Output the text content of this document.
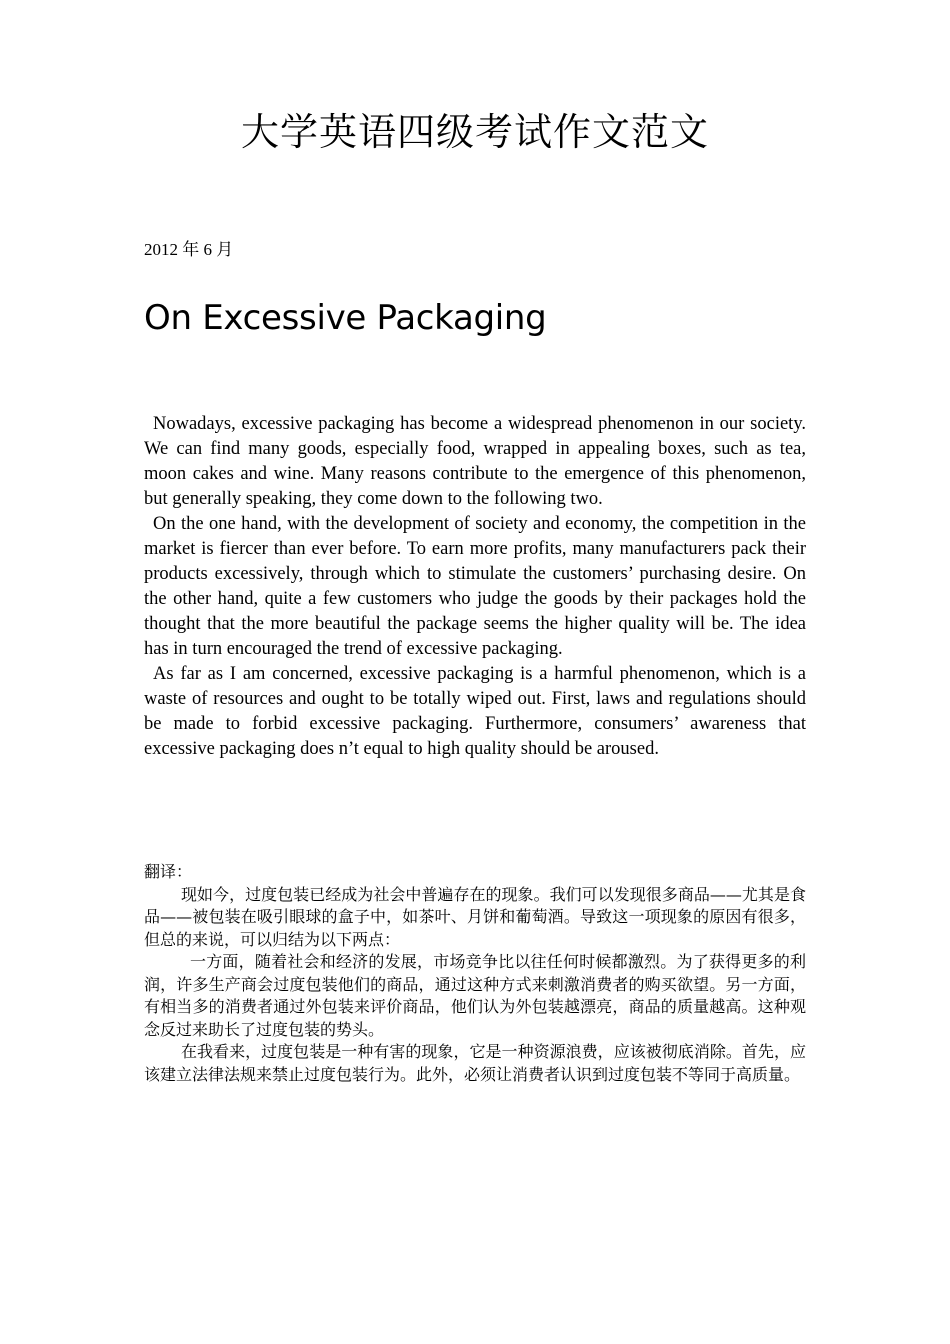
大学英语四级考试作文范文
2012 年 6 月
On Excessive Packaging

Nowadays, excessive packaging has become a widespread phenomenon in our society. We can find many goods, especially food, wrapped in appealing boxes, such as tea, moon cakes and wine. Many reasons contribute to the emergence of this phenomenon, but generally speaking, they come down to the following two.

On the one hand, with the development of society and economy, the competition in the market is fiercer than ever before. To earn more profits, many manufacturers pack their products excessively, through which to stimulate the customers’ purchasing desire. On the other hand, quite a few customers who judge the goods by their packages hold the thought that the more beautiful the package seems the higher quality will be. The idea has in turn encouraged the trend of excessive packaging.

As far as I am concerned, excessive packaging is a harmful phenomenon, which is a waste of resources and ought to be totally wiped out. First, laws and regulations should be made to forbid excessive packaging. Furthermore, consumers’ awareness that excessive packaging does n’t equal to high quality should be aroused.

翻译：

现如今，过度包装已经成为社会中普遍存在的现象。我们可以发现很多商品——尤其是食品——被包装在吸引眼球的盒子中，如茶叶、月饼和葡萄酒。导致这一项现象的原因有很多，但总的来说，可以归结为以下两点：

一方面，随着社会和经济的发展，市场竞争比以往任何时候都激烈。为了获得更多的利润，许多生产商会过度包装他们的商品，通过这种方式来刺激消费者的购买欲望。另一方面，有相当多的消费者通过外包装来评价商品，他们认为外包装越漂亮，商品的质量越高。这种观念反过来助长了过度包装的势头。

在我看来，过度包装是一种有害的现象，它是一种资源浪费，应该被彻底消除。首先，应该建立法律法规来禁止过度包装行为。此外，必须让消费者认识到过度包装不等同于高质量。
